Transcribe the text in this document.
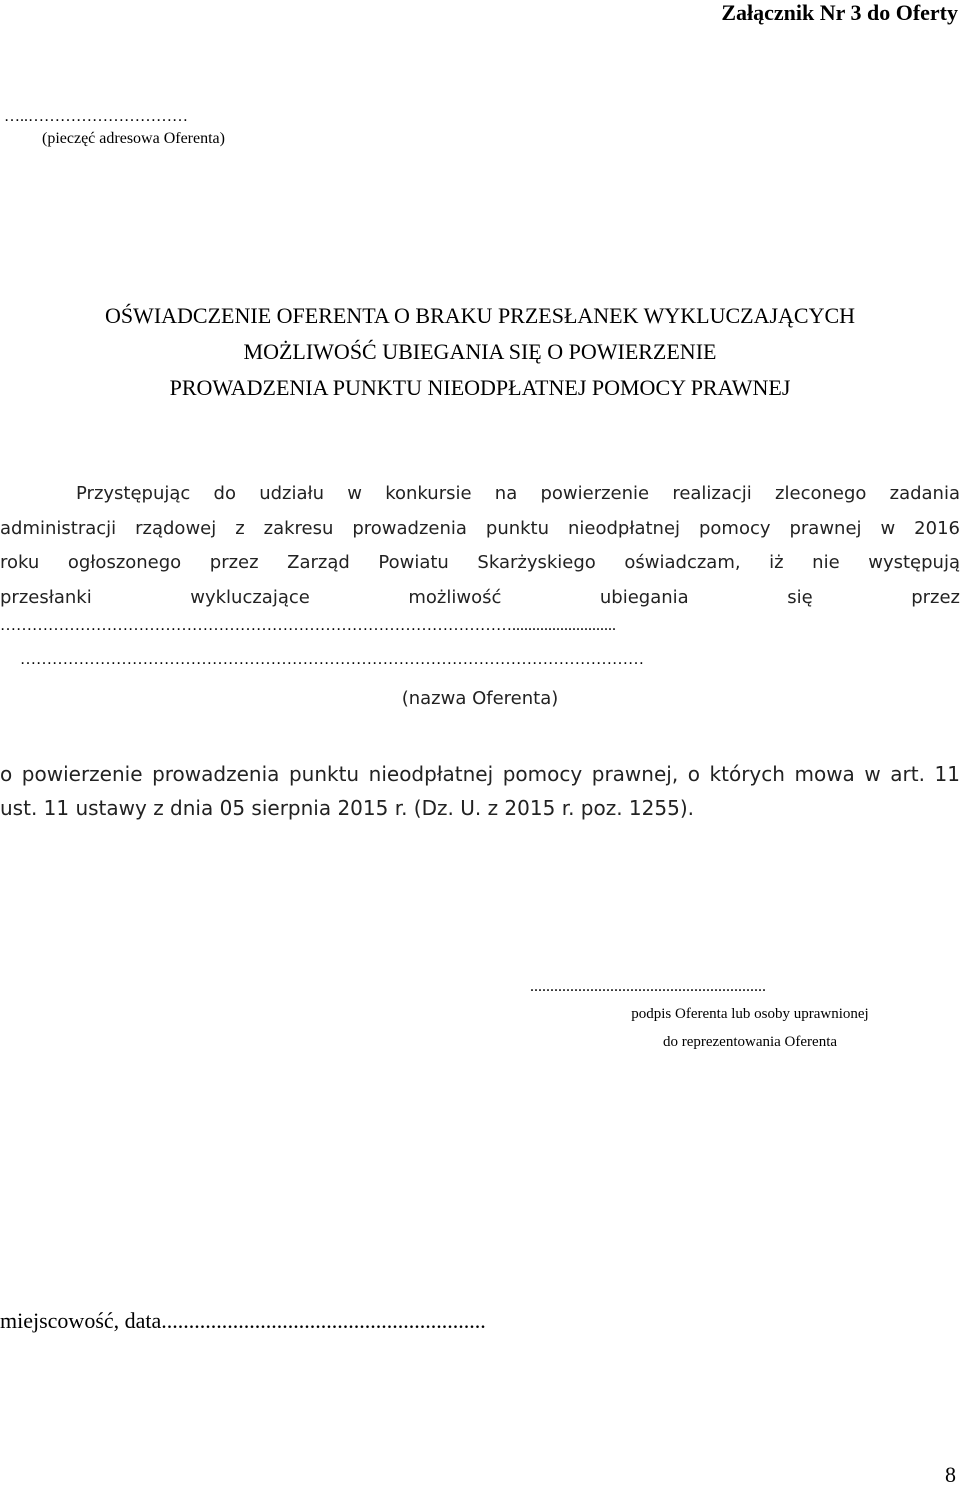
Załącznik Nr 3 do Oferty
…..…………………………
(pieczęć adresowa Oferenta)
OŚWIADCZENIE OFERENTA O BRAKU PRZESŁANEK WYKLUCZAJĄCYCH
MOŻLIWOŚĆ UBIEGANIA SIĘ O POWIERZENIE
PROWADZENIA PUNKTU NIEODPŁATNEJ POMOCY PRAWNEJ
Przystępując do udziału w konkursie na powierzenie realizacji zleconego zadania
administracji rządowej z zakresu prowadzenia punktu nieodpłatnej pomocy prawnej w 2016
roku ogłoszonego przez Zarząd Powiatu Skarżyskiego oświadczam, iż nie występują
przesłanki wykluczające możliwość ubiegania się przez
……………………………………………………………………………………..........................
………………………………………………………………………………………………………
(nazwa Oferenta)
o powierzenie prowadzenia punktu nieodpłatnej pomocy prawnej, o których mowa w art. 11
ust. 11 ustawy z dnia 05 sierpnia 2015 r. (Dz. U. z 2015 r. poz. 1255).
...........................................................
podpis Oferenta lub osoby uprawnionej
do reprezentowania Oferenta
miejscowość, data...........................................................
8
